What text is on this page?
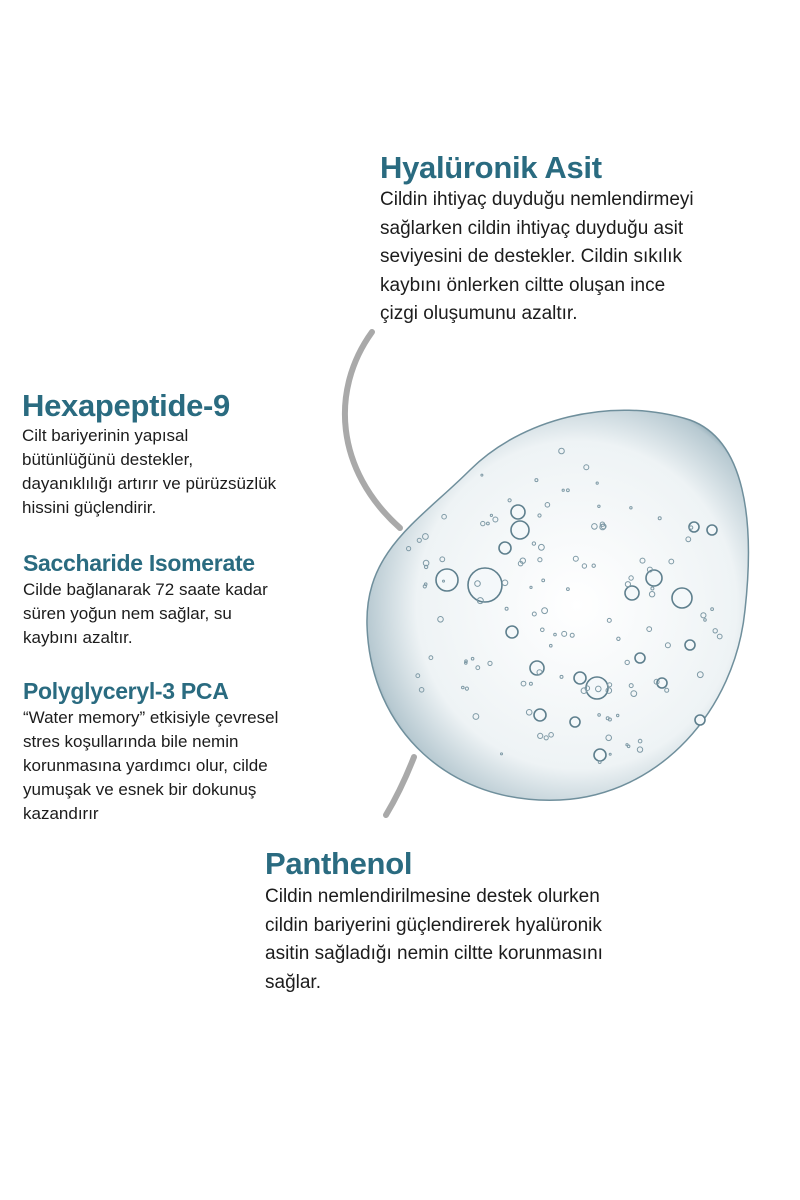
Hyalüronik Asit
Cildin ihtiyaç duyduğu nemlendirmeyi
sağlarken cildin ihtiyaç duyduğu asit
seviyesini de destekler. Cildin sıkılık
kaybını önlerken ciltte oluşan ince
çizgi oluşumunu azaltır.
Hexapeptide-9
Cilt bariyerinin yapısal
bütünlüğünü destekler,
dayanıklılığı artırır ve pürüzsüzlük
hissini güçlendirir.
Saccharide Isomerate
Cilde bağlanarak 72 saate kadar
süren yoğun nem sağlar, su
kaybını azaltır.
Polyglyceryl-3 PCA
“Water memory” etkisiyle çevresel
stres koşullarında bile nemin
korunmasına yardımcı olur, cilde
yumuşak ve esnek bir dokunuş
kazandırır
Panthenol
Cildin nemlendirilmesine destek olurken
cildin bariyerini güçlendirerek hyalüronik
asitin sağladığı nemin ciltte korunmasını
sağlar.
